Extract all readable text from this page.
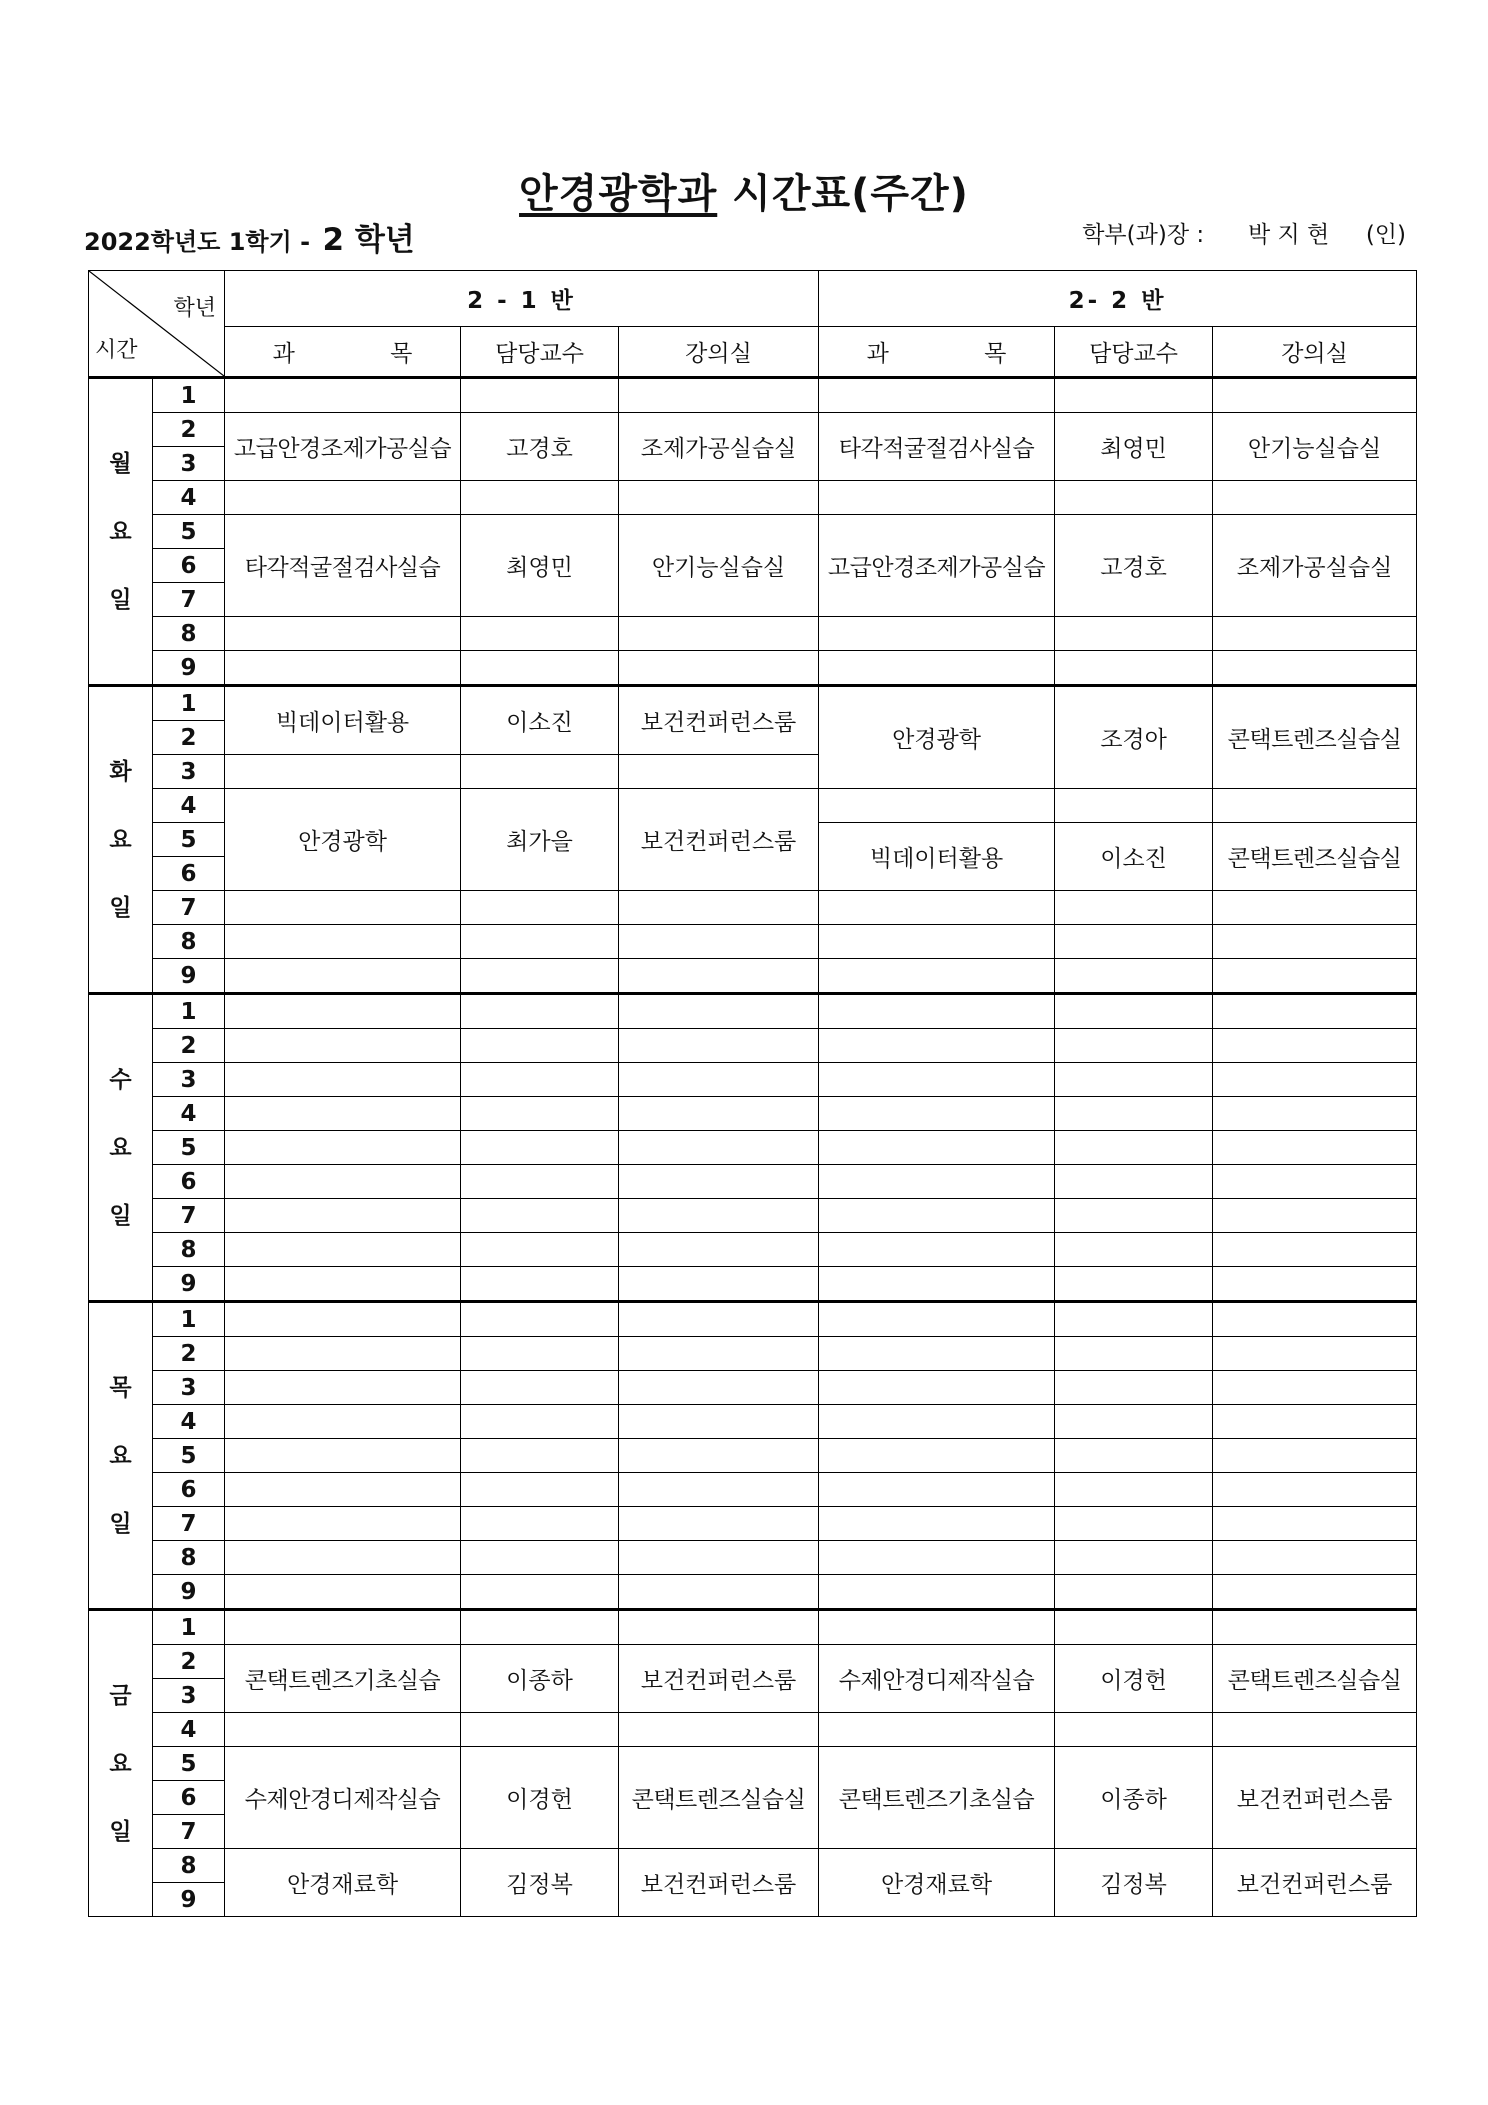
안경광학과 시간표(주간)
2022학년도 1학기 - 2 학년	학부(과)장 : 박 지 현 (인)
학년
시간		2 - 1 반			2- 2 반		
		과 목	담당교수	강의실	과 목	담당교수	강의실
월
요
일	1						
	2	고급안경조제가공실습	고경호	조제가공실습실	타각적굴절검사실습	최영민	안기능실습실
	3						
	4						
	5	타각적굴절검사실습	최영민	안기능실습실	고급안경조제가공실습	고경호	조제가공실습실
	6						
	7						
	8						
	9						
화
요
일	1	빅데이터활용	이소진	보건컨퍼런스룸	안경광학	조경아	콘택트렌즈실습실
	2						
	3						
	4	안경광학	최가을	보건컨퍼런스룸			
	5				빅데이터활용	이소진	콘택트렌즈실습실
	6						
	7						
	8						
	9						
수
요
일	1						
	2						
	3						
	4						
	5						
	6						
	7						
	8						
	9						
목
요
일	1						
	2						
	3						
	4						
	5						
	6						
	7						
	8						
	9						
금
요
일	1						
	2	콘택트렌즈기초실습	이종하	보건컨퍼런스룸	수제안경디제작실습	이경헌	콘택트렌즈실습실
	3						
	4						
	5	수제안경디제작실습	이경헌	콘택트렌즈실습실	콘택트렌즈기초실습	이종하	보건컨퍼런스룸
	6						
	7						
	8	안경재료학	김정복	보건컨퍼런스룸	안경재료학	김정복	보건컨퍼런스룸
	9						
